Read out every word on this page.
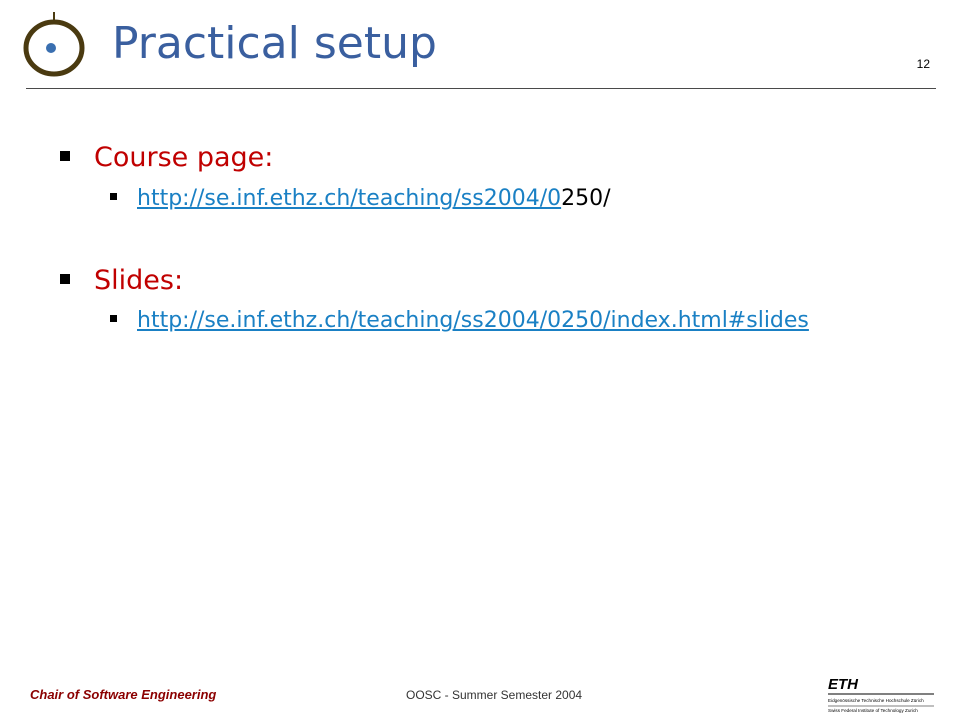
Practical setup	12
Course page:
http://se.inf.ethz.ch/teaching/ss2004/0250/
Slides:
http://se.inf.ethz.ch/teaching/ss2004/0250/index.html#slides
Chair of Software Engineering	OOSC - Summer Semester 2004
ETH
Eidgenössische Technische Hochschule Zürich
Swiss Federal Institute of Technology Zurich
